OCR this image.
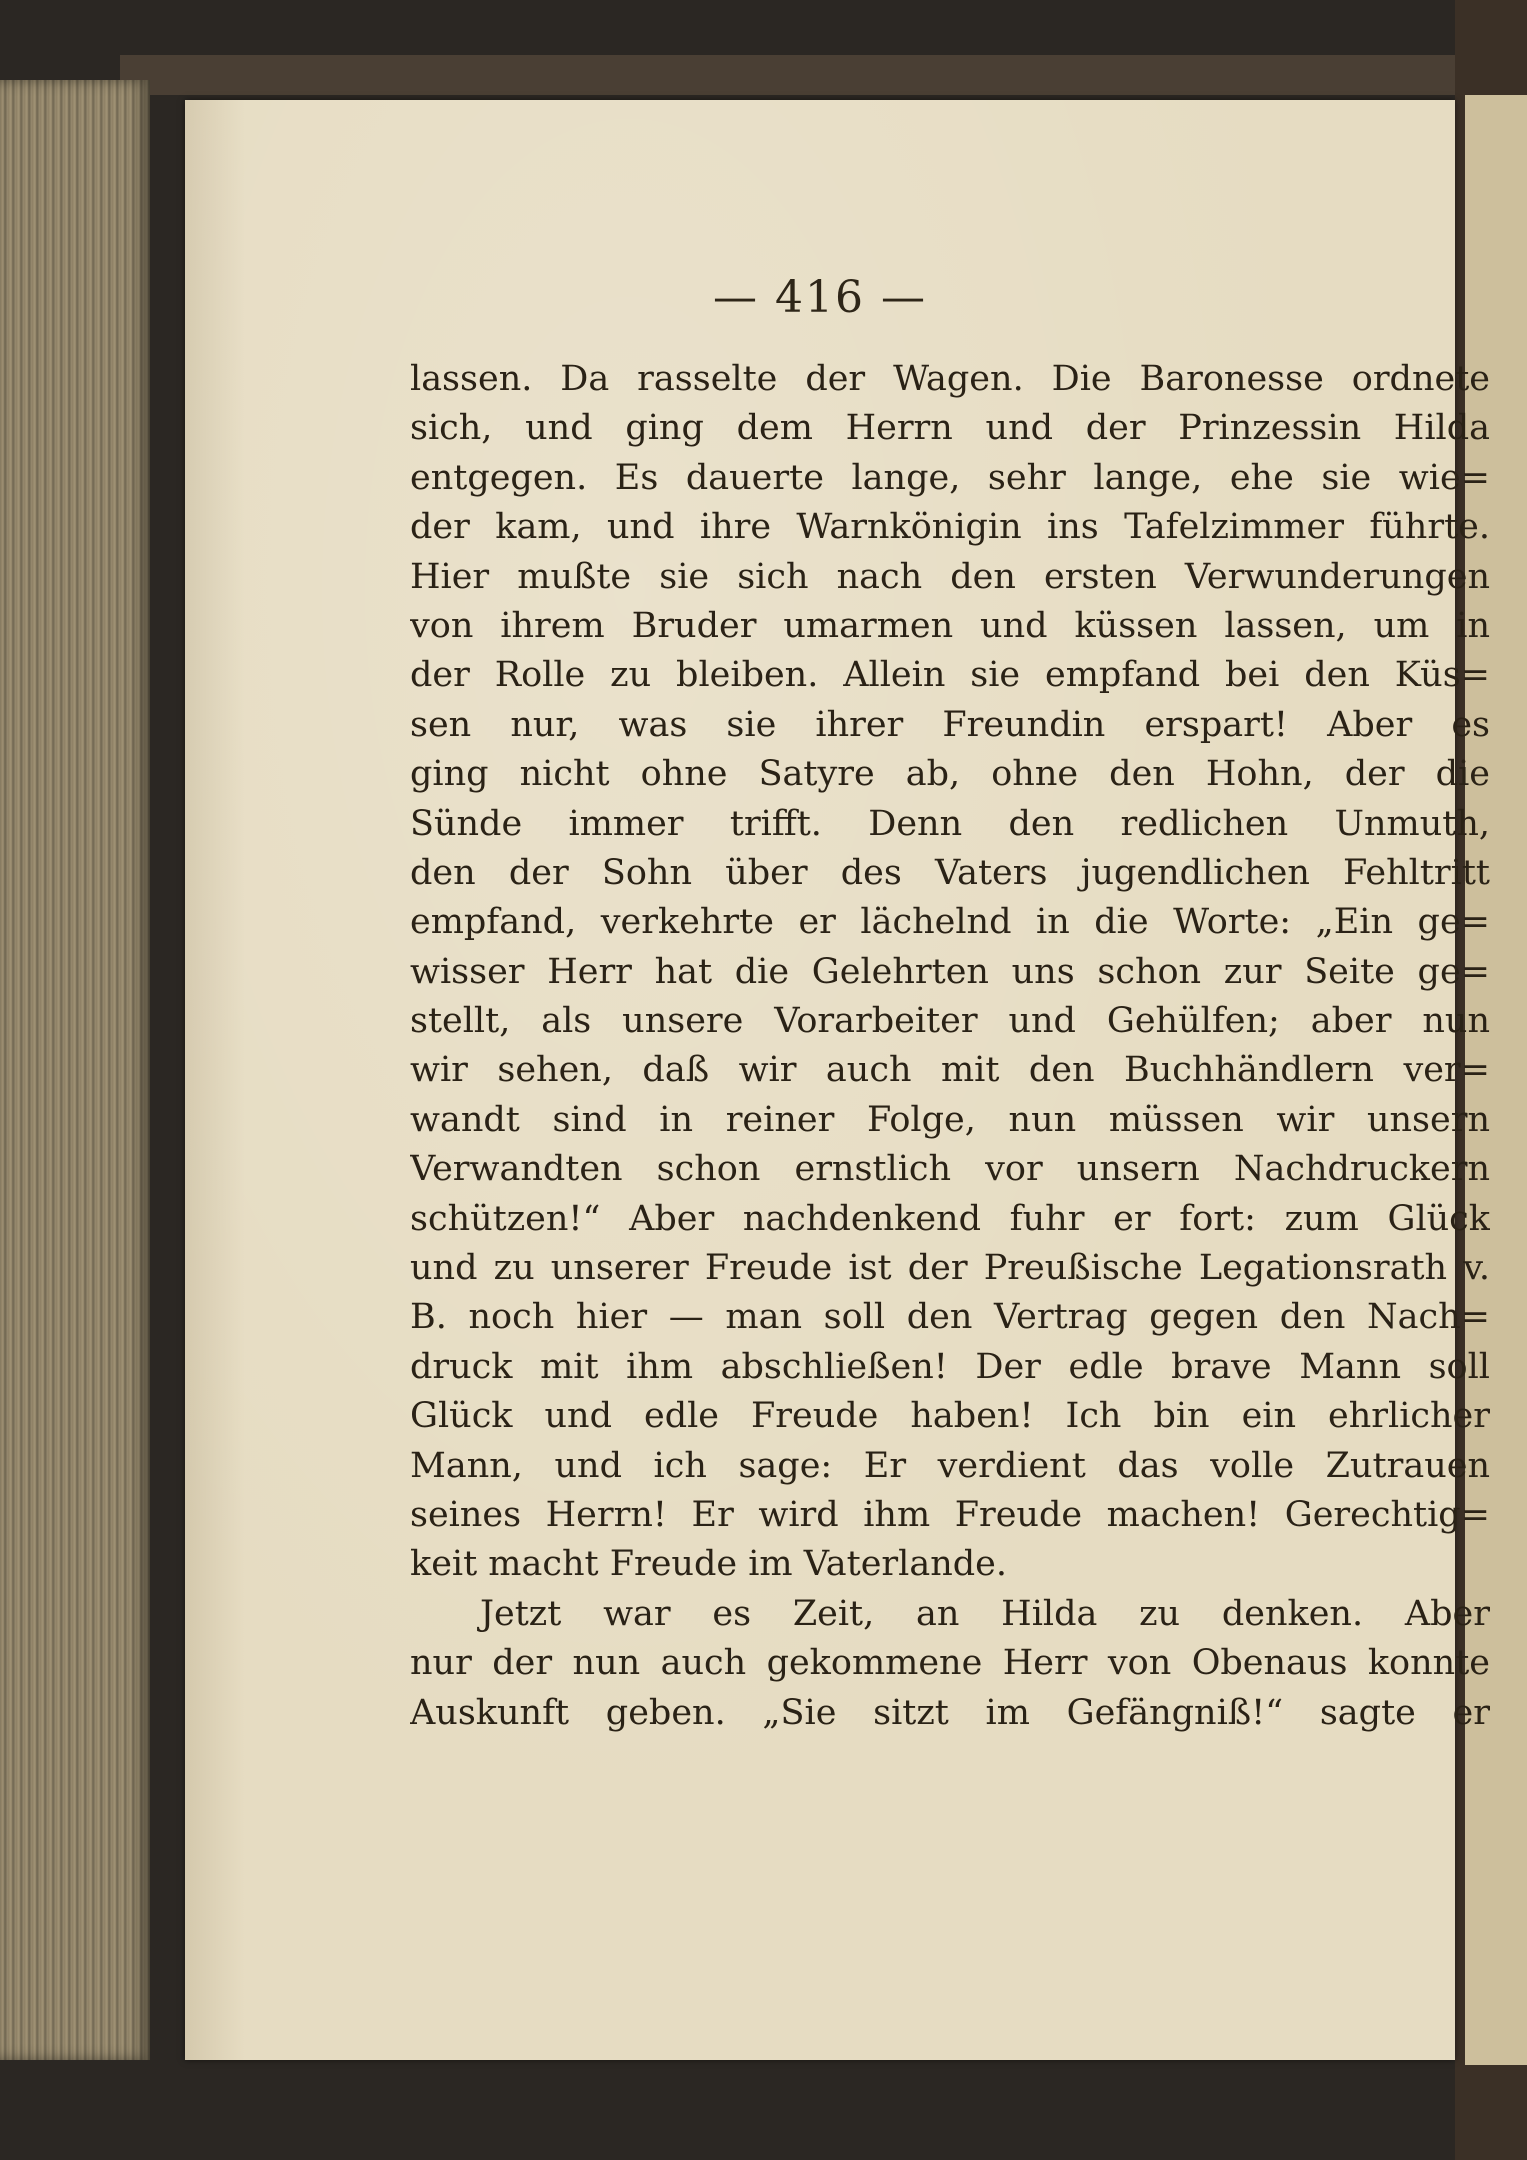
— 416 —
lassen. Da rasselte der Wagen. Die Baronesse ordnete
sich, und ging dem Herrn und der Prinzessin Hilda
entgegen. Es dauerte lange, sehr lange, ehe sie wie=
der kam, und ihre Warnkönigin ins Tafelzimmer führte.
Hier mußte sie sich nach den ersten Verwunderungen
von ihrem Bruder umarmen und küssen lassen, um in
der Rolle zu bleiben. Allein sie empfand bei den Küs=
sen nur, was sie ihrer Freundin erspart! Aber es
ging nicht ohne Satyre ab, ohne den Hohn, der die
Sünde immer trifft. Denn den redlichen Unmuth,
den der Sohn über des Vaters jugendlichen Fehltritt
empfand, verkehrte er lächelnd in die Worte: „Ein ge=
wisser Herr hat die Gelehrten uns schon zur Seite ge=
stellt, als unsere Vorarbeiter und Gehülfen; aber nun
wir sehen, daß wir auch mit den Buchhändlern ver=
wandt sind in reiner Folge, nun müssen wir unsern
Verwandten schon ernstlich vor unsern Nachdruckern
schützen!“ Aber nachdenkend fuhr er fort: zum Glück
und zu unserer Freude ist der Preußische Legationsrath v.
B. noch hier — man soll den Vertrag gegen den Nach=
druck mit ihm abschließen! Der edle brave Mann soll
Glück und edle Freude haben! Ich bin ein ehrlicher
Mann, und ich sage: Er verdient das volle Zutrauen
seines Herrn! Er wird ihm Freude machen! Gerechtig=
keit macht Freude im Vaterlande.
Jetzt war es Zeit, an Hilda zu denken. Aber
nur der nun auch gekommene Herr von Obenaus konnte
Auskunft geben. „Sie sitzt im Gefängniß!“ sagte er
